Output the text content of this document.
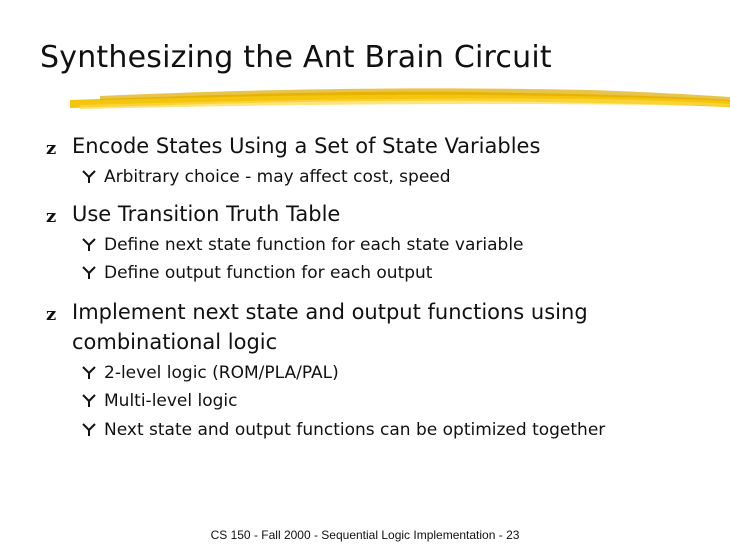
Synthesizing the Ant Brain Circuit
z Encode States Using a Set of State Variables
Arbitrary choice - may affect cost, speed
z Use Transition Truth Table
Define next state function for each state variable
Define output function for each output
z Implement next state and output functions using
combinational logic
2-level logic (ROM/PLA/PAL)
Multi-level logic
Next state and output functions can be optimized together
CS 150 - Fall 2000 - Sequential Logic Implementation - 23
